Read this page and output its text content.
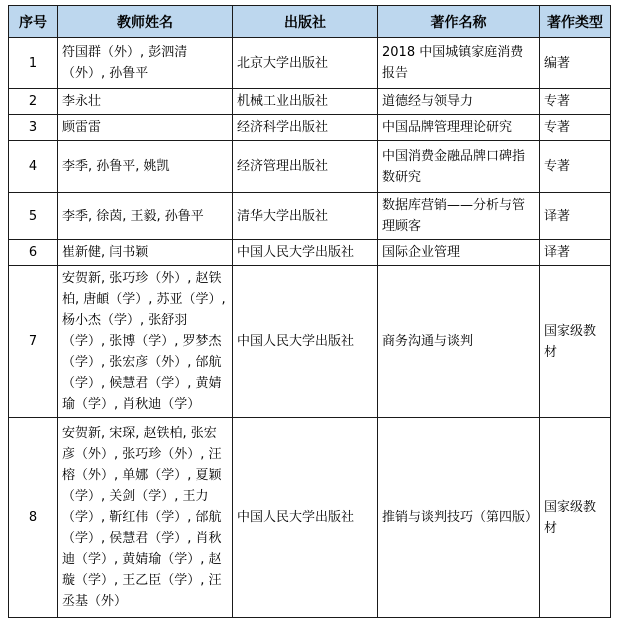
序号	教师姓名	出版社	著作名称	著作类型
1	符国群（外）, 彭泗清（外）, 孙鲁平	北京大学出版社	2018 中国城镇家庭消费报告	编著
2	李永壮	机械工业出版社	道德经与领导力	专著
3	顾雷雷	经济科学出版社	中国品牌管理理论研究	专著
4	李季, 孙鲁平, 姚凯	经济管理出版社	中国消费金融品牌口碑指数研究	专著
5	李季, 徐茵, 王毅, 孙鲁平	清华大学出版社	数据库营销——分析与管理顾客	译著
6	崔新健, 闫书颖	中国人民大学出版社	国际企业管理	译著
7	安贺新, 张巧珍（外）, 赵铁柏, 唐頔（学）, 苏亚（学）, 杨小杰（学）, 张舒羽（学）, 张博（学）, 罗梦杰（学）, 张宏彦（外）, 邰航（学）, 候慧君（学）, 黄婧瑜（学）, 肖秋迪（学）	中国人民大学出版社	商务沟通与谈判	国家级教材
8	安贺新, 宋琛, 赵铁柏, 张宏彦（外）, 张巧珍（外）, 汪榕（外）, 单娜（学）, 夏颖（学）, 关剑（学）, 王力（学）, 靳红伟（学）, 邰航（学）, 侯慧君（学）, 肖秋迪（学）, 黄婧瑜（学）, 赵璇（学）, 王乙臣（学）, 汪丞基（外）	中国人民大学出版社	推销与谈判技巧（第四版）	国家级教材
